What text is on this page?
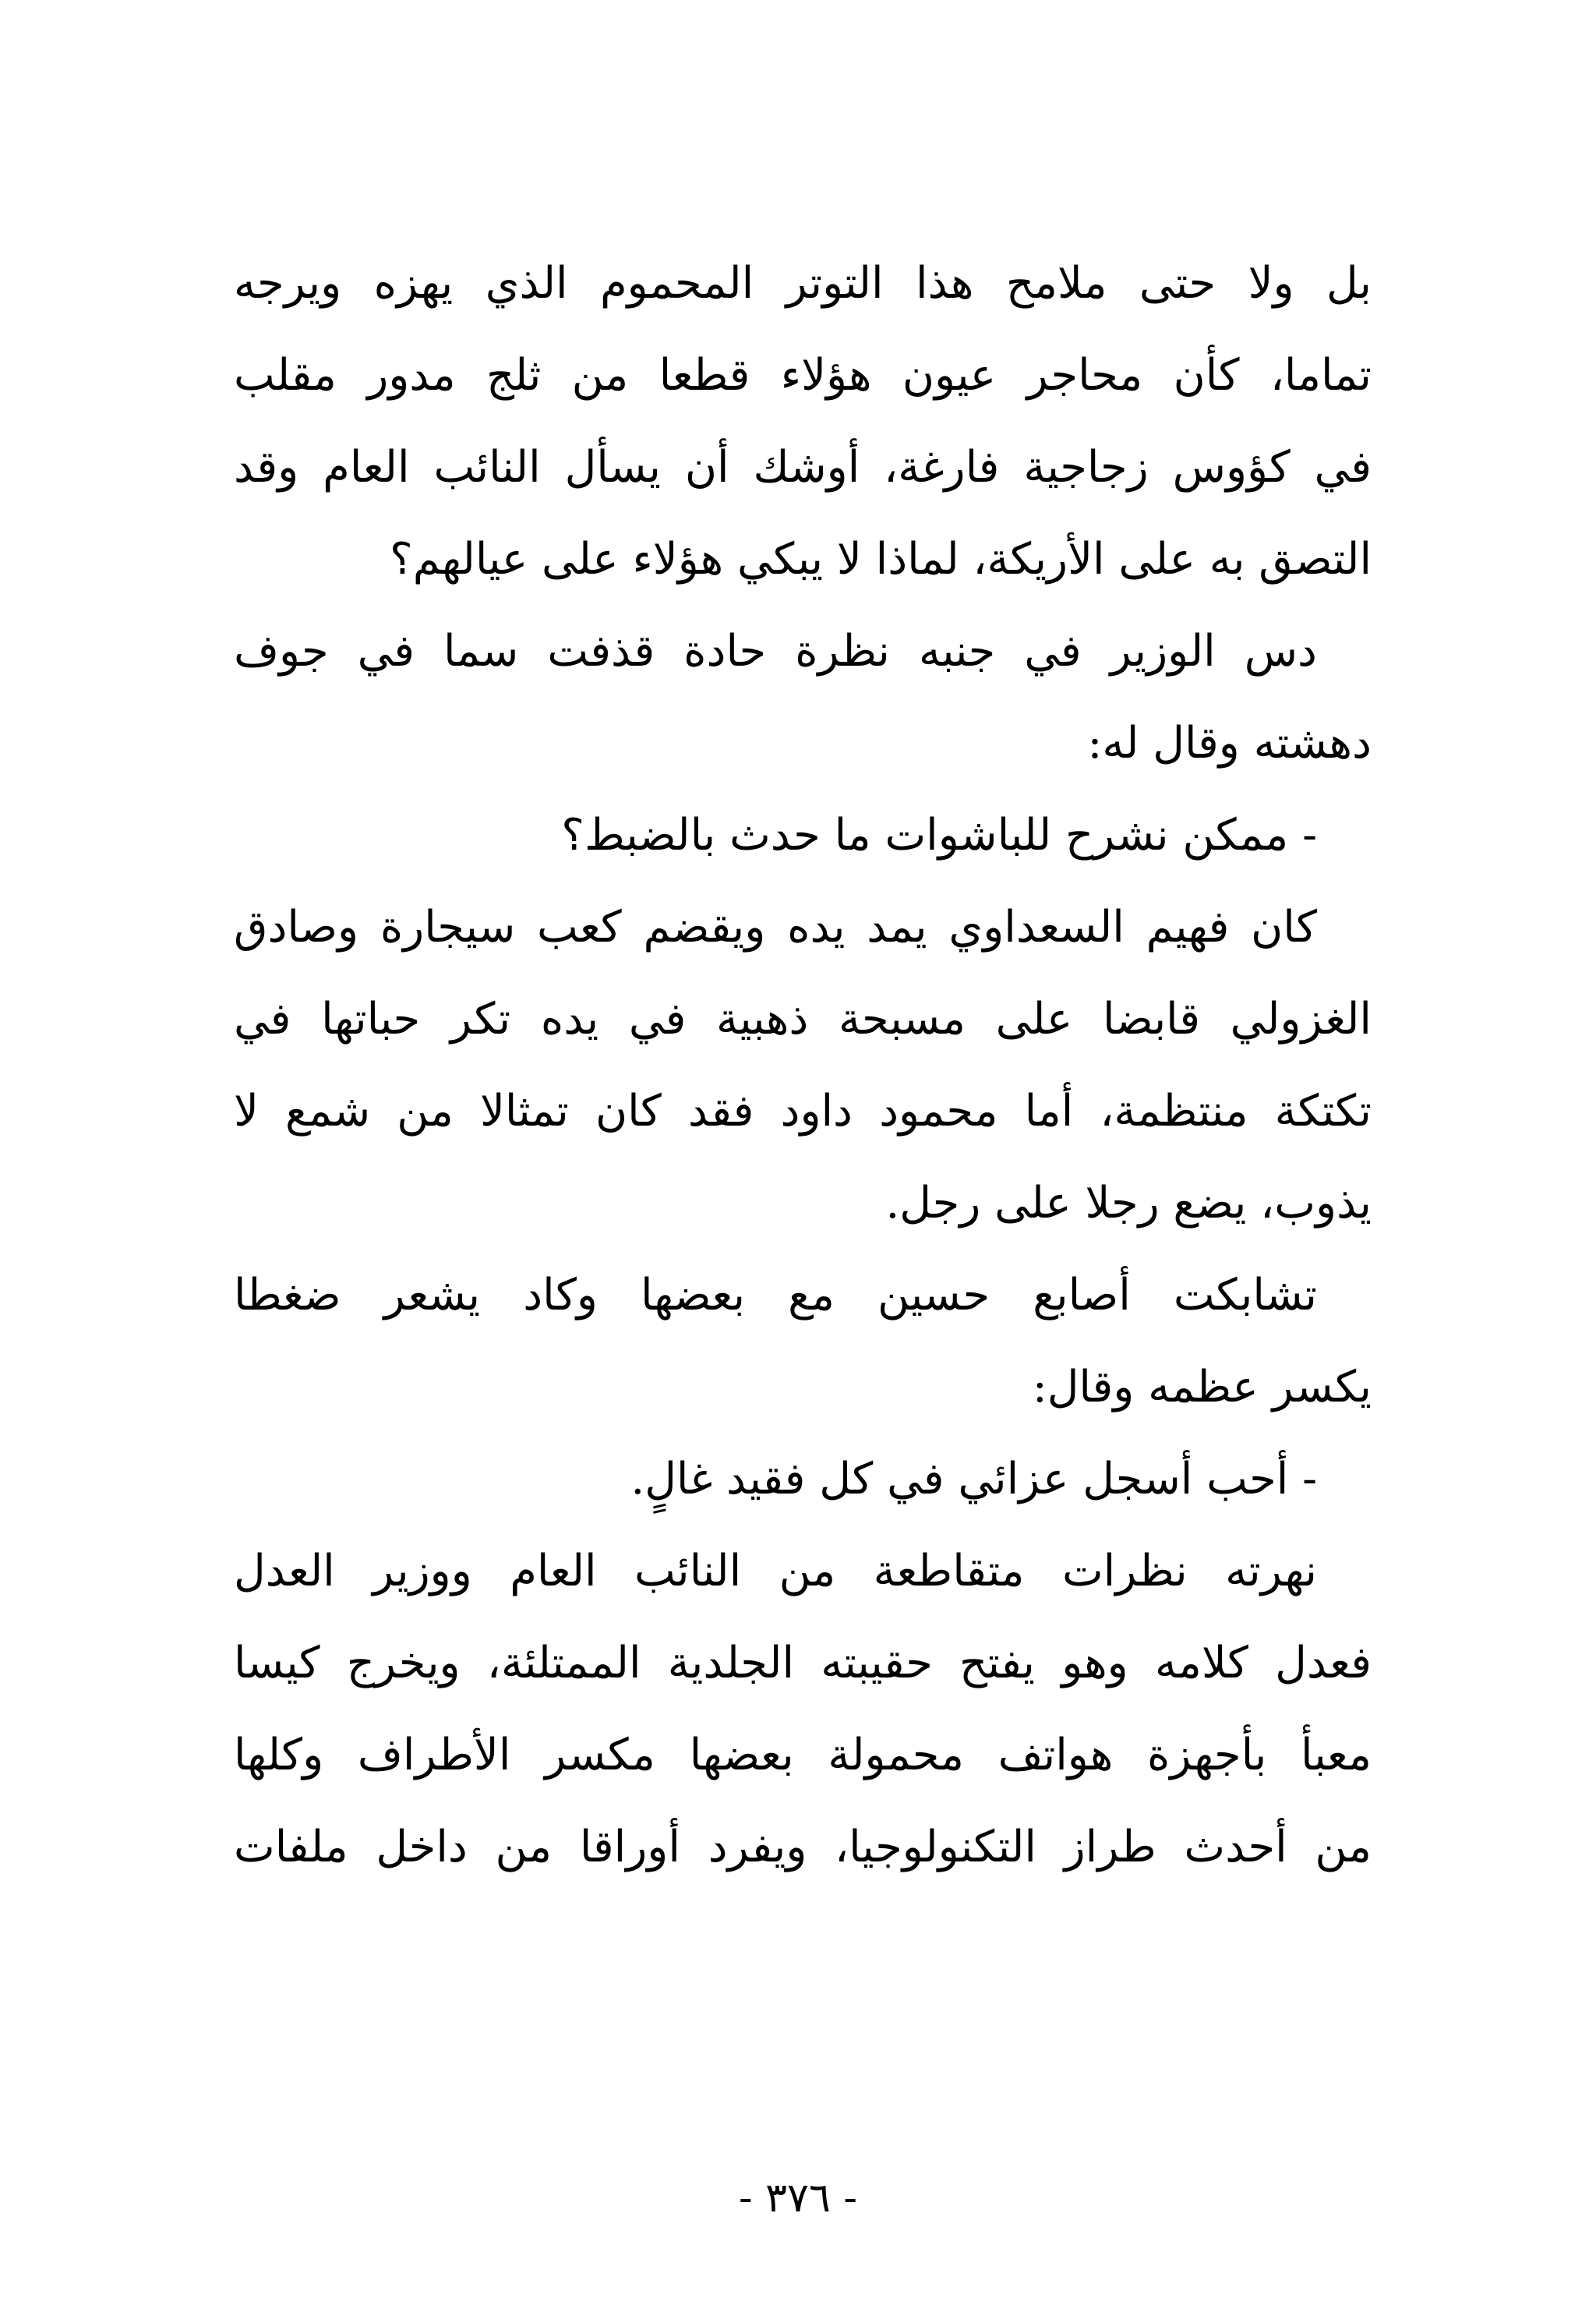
بل ولا حتى ملامح هذا التوتر المحموم الذي يهزه ويرجه
تماما، كأن محاجر عيون هؤلاء قطعا من ثلج مدور مقلب
في كؤوس زجاجية فارغة، أوشك أن يسأل النائب العام وقد
التصق به على الأريكة، لماذا لا يبكي هؤلاء على عيالهم؟
دس الوزير في جنبه نظرة حادة قذفت سما في جوف
دهشته وقال له:
- ممكن نشرح للباشوات ما حدث بالضبط؟
كان فهيم السعداوي يمد يده ويقضم كعب سيجارة وصادق
الغزولي قابضا على مسبحة ذهبية في يده تكر حباتها في
تكتكة منتظمة، أما محمود داود فقد كان تمثالا من شمع لا
يذوب، يضع رجلا على رجل.
تشابكت أصابع حسين مع بعضها وكاد يشعر ضغطا
يكسر عظمه وقال:
- أحب أسجل عزائي في كل فقيد غالٍ.
نهرته نظرات متقاطعة من النائب العام ووزير العدل
فعدل كلامه وهو يفتح حقيبته الجلدية الممتلئة، ويخرج كيسا
معبأ بأجهزة هواتف محمولة بعضها مكسر الأطراف وكلها
من أحدث طراز التكنولوجيا، ويفرد أوراقا من داخل ملفات
- ٣٧٦ -
